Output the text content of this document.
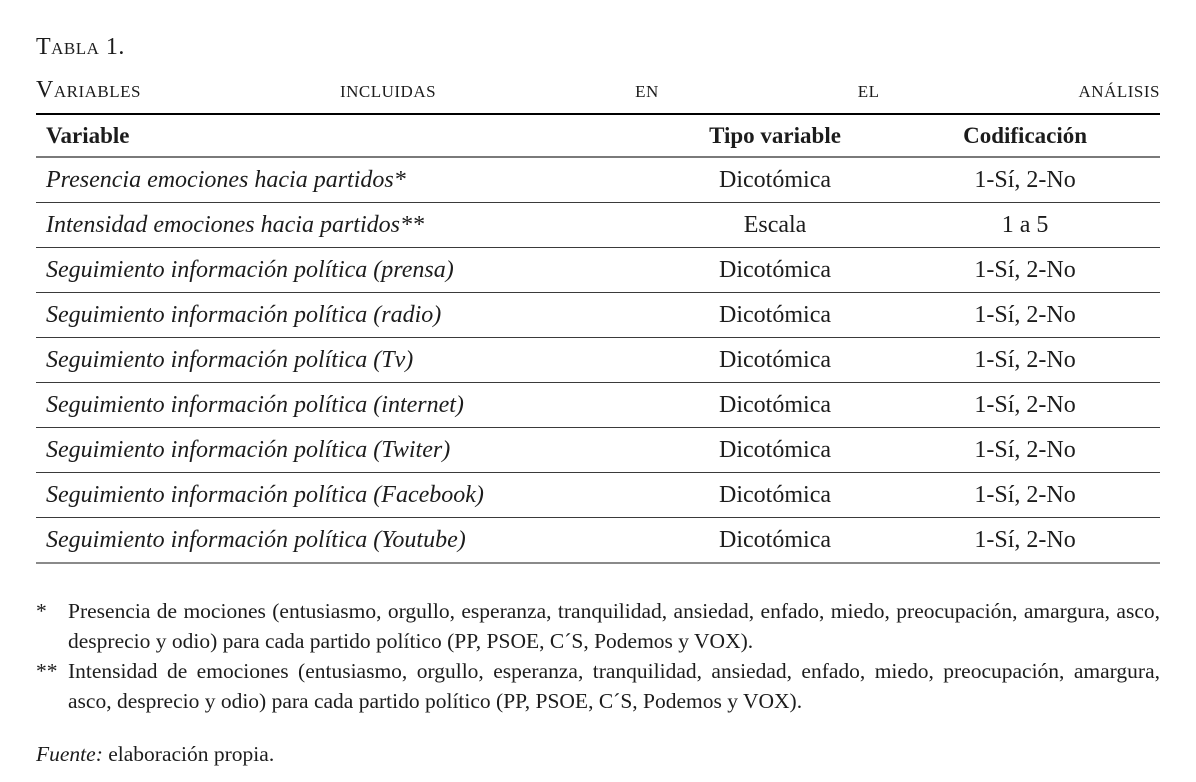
Tabla 1.
Variables	incluidas	en	el	análisis
Variable	Tipo variable	Codificación
Presencia emociones hacia partidos*	Dicotómica	1-Sí, 2-No
Intensidad emociones hacia partidos**	Escala	1 a 5
Seguimiento información política (prensa)	Dicotómica	1-Sí, 2-No
Seguimiento información política (radio)	Dicotómica	1-Sí, 2-No
Seguimiento información política (Tv)	Dicotómica	1-Sí, 2-No
Seguimiento información política (internet)	Dicotómica	1-Sí, 2-No
Seguimiento información política (Twiter)	Dicotómica	1-Sí, 2-No
Seguimiento información política (Facebook)	Dicotómica	1-Sí, 2-No
Seguimiento información política (Youtube)	Dicotómica	1-Sí, 2-No
* Presencia de mociones (entusiasmo, orgullo, esperanza, tranquilidad, ansiedad, enfado, miedo, preocupación, amargura, asco, desprecio y odio) para cada partido político (PP, PSOE, C´S, Podemos y VOX).
** Intensidad de emociones (entusiasmo, orgullo, esperanza, tranquilidad, ansiedad, enfado, miedo, preocupación, amargura, asco, desprecio y odio) para cada partido político (PP, PSOE, C´S, Podemos y VOX).
Fuente: elaboración propia.
